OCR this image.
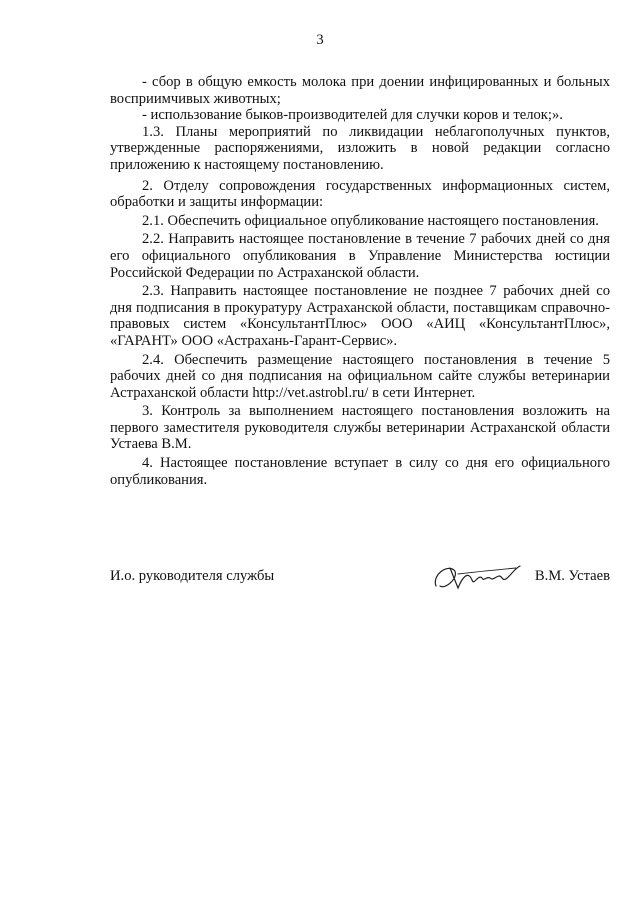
3

- сбор в общую емкость молока при доении инфицированных и больных восприимчивых животных;

- использование быков-производителей для случки коров и телок;».

1.3. Планы мероприятий по ликвидации неблагополучных пунктов, утвержденные распоряжениями, изложить в новой редакции согласно приложению к настоящему постановлению.

2. Отделу сопровождения государственных информационных систем, обработки и защиты информации:

2.1. Обеспечить официальное опубликование настоящего постановления.

2.2. Направить настоящее постановление в течение 7 рабочих дней со дня его официального опубликования в Управление Министерства юстиции Российской Федерации по Астраханской области.

2.3. Направить настоящее постановление не позднее 7 рабочих дней со дня подписания в прокуратуру Астраханской области, поставщикам справочно-правовых систем «КонсультантПлюс» ООО «АИЦ «КонсультантПлюс», «ГАРАНТ» ООО «Астрахань-Гарант-Сервис».

2.4. Обеспечить размещение настоящего постановления в течение 5 рабочих дней со дня подписания на официальном сайте службы ветеринарии Астраханской области http://vet.astrobl.ru/ в сети Интернет.

3. Контроль за выполнением настоящего постановления возложить на первого заместителя руководителя службы ветеринарии Астраханской области Устаева В.М.

4. Настоящее постановление вступает в силу со дня его официального опубликования.

И.о. руководителя службы	В.М. Устаев
